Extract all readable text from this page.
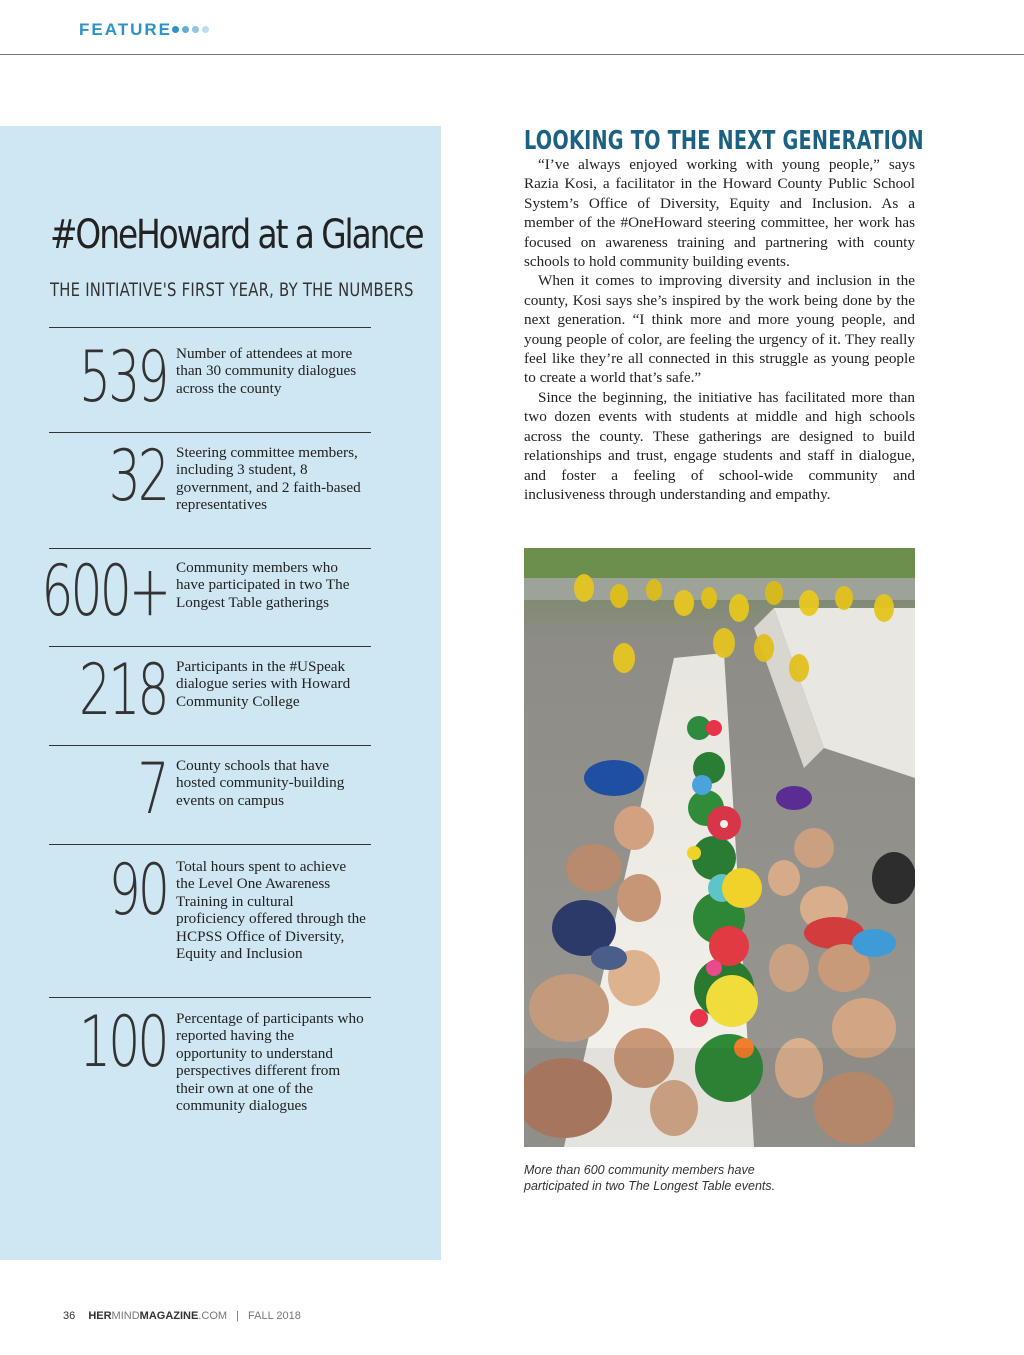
FEATURE
#OneHoward at a Glance
THE INITIATIVE'S FIRST YEAR, BY THE NUMBERS
539 Number of attendees at more than 30 community dialogues across the county
32 Steering committee members, including 3 student, 8 government, and 2 faith-based representatives
600+ Community members who have participated in two The Longest Table gatherings
218 Participants in the #USpeak dialogue series with Howard Community College
7 County schools that have hosted community-building events on campus
90 Total hours spent to achieve the Level One Awareness Training in cultural proficiency offered through the HCPSS Office of Diversity, Equity and Inclusion
100 Percentage of participants who reported having the opportunity to understand perspectives different from their own at one of the community dialogues
LOOKING TO THE NEXT GENERATION

“I’ve always enjoyed working with young people,” says Razia Kosi, a facilitator in the Howard County Public School System’s Office of Diversity, Equity and Inclusion. As a member of the #OneHoward steering committee, her work has focused on awareness training and partnering with county schools to hold community building events.

When it comes to improving diversity and inclusion in the county, Kosi says she’s inspired by the work being done by the next generation. “I think more and more young people, and young people of color, are feeling the urgency of it. They really feel like they’re all connected in this struggle as young people to create a world that’s safe.”

Since the beginning, the initiative has facilitated more than two dozen events with students at middle and high schools across the county. These gatherings are designed to build relationships and trust, engage students and staff in dialogue, and foster a feeling of school-wide community and inclusiveness through understanding and empathy.

More than 600 community members have participated in two The Longest Table events.
36 HERMINDMAGAZINE.COM | FALL 2018
